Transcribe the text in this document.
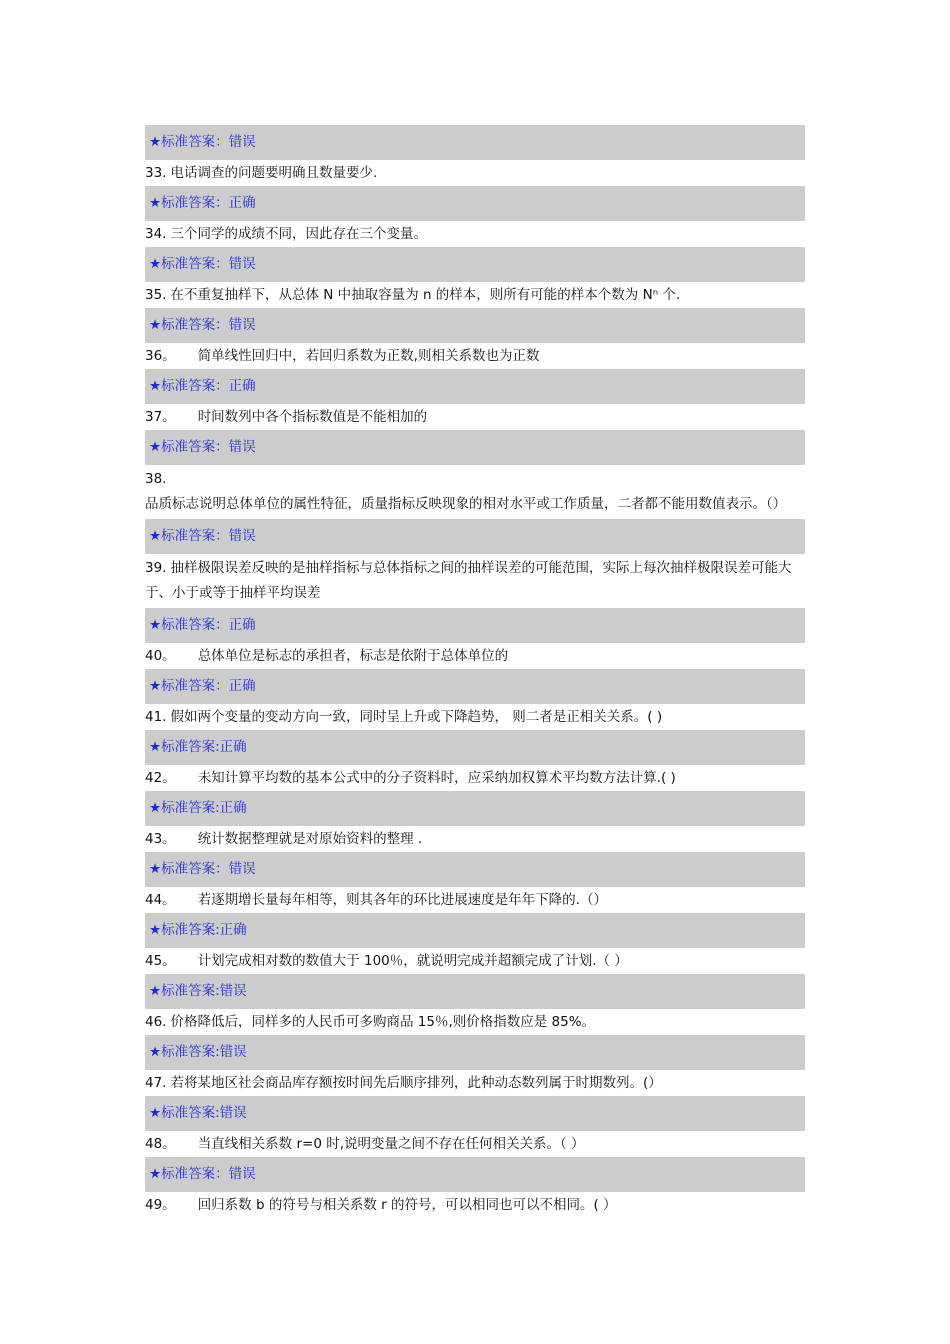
★标准答案：错误
33. 电话调查的问题要明确且数量要少.
★标准答案：正确
34. 三个同学的成绩不同，因此存在三个变量。
★标准答案：错误
35. 在不重复抽样下，从总体 N 中抽取容量为 n 的样本，则所有可能的样本个数为 Nⁿ 个.
★标准答案：错误
36。 简单线性回归中，若回归系数为正数,则相关系数也为正数
★标准答案：正确
37。 时间数列中各个指标数值是不能相加的
★标准答案：错误
38.品质标志说明总体单位的属性特征，质量指标反映现象的相对水平或工作质量，二者都不能用数值表示。（）
★标准答案：错误
39. 抽样极限误差反映的是抽样指标与总体指标之间的抽样误差的可能范围，实际上每次抽样极限误差可能大于、小于或等于抽样平均误差
★标准答案：正确
40。 总体单位是标志的承担者，标志是依附于总体单位的
★标准答案：正确
41. 假如两个变量的变动方向一致，同时呈上升或下降趋势， 则二者是正相关关系。( )
★标准答案:正确
42。 未知计算平均数的基本公式中的分子资料时，应采纳加权算术平均数方法计算.( )
★标准答案:正确
43。 统计数据整理就是对原始资料的整理 .
★标准答案：错误
44。 若逐期增长量每年相等，则其各年的环比进展速度是年年下降的.（）
★标准答案:正确
45。 计划完成相对数的数值大于 100％，就说明完成并超额完成了计划.（ ）
★标准答案:错误
46. 价格降低后，同样多的人民币可多购商品 15％,则价格指数应是 85%。
★标准答案:错误
47. 若将某地区社会商品库存额按时间先后顺序排列，此种动态数列属于时期数列。(）
★标准答案:错误
48。 当直线相关系数 r=0 时,说明变量之间不存在任何相关关系。（ ）
★标准答案：错误
49。 回归系数 b 的符号与相关系数 r 的符号，可以相同也可以不相同。( ）
